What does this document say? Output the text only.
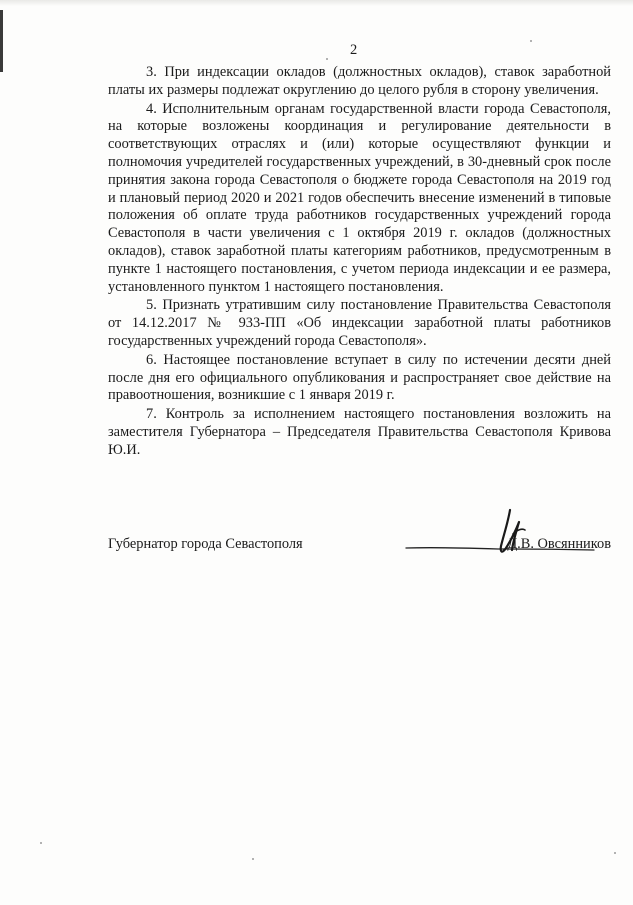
2

3. При индексации окладов (должностных окладов), ставок заработной платы их размеры подлежат округлению до целого рубля в сторону увеличения.

4. Исполнительным органам государственной власти города Севастополя, на которые возложены координация и регулирование деятельности в соответствующих отраслях и (или) которые осуществляют функции и полномочия учредителей государственных учреждений, в 30-дневный срок после принятия закона города Севастополя о бюджете города Севастополя на 2019 год и плановый период 2020 и 2021 годов обеспечить внесение изменений в типовые положения об оплате труда работников государственных учреждений города Севастополя в части увеличения с 1 октября 2019 г. окладов (должностных окладов), ставок заработной платы категориям работников, предусмотренным в пункте 1 настоящего постановления, с учетом периода индексации и ее размера, установленного пунктом 1 настоящего постановления.

5. Признать утратившим силу постановление Правительства Севастополя от 14.12.2017 № 933-ПП «Об индексации заработной платы работников государственных учреждений города Севастополя».

6. Настоящее постановление вступает в силу по истечении десяти дней после дня его официального опубликования и распространяет свое действие на правоотношения, возникшие с 1 января 2019 г.

7. Контроль за исполнением настоящего постановления возложить на заместителя Губернатора – Председателя Правительства Севастополя Кривова Ю.И.

Губернатор города Севастополя	Д.В. Овсянников
